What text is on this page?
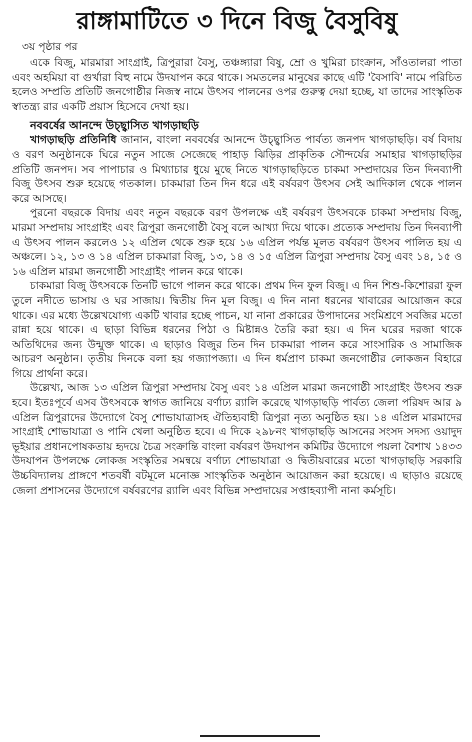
রাঙ্গামাটিতে ৩ দিনে বিজু বৈসুবিষু
৩য় পৃষ্ঠার পর

একে বিজু, মারমারা সাংগ্রাই, ত্রিপুরারা বৈসু, তঞ্চঙ্গ্যারা বিষু, ম্রো ও খুমিরা চাংক্রান, সাঁওতালরা পাতা এবং অহমিয়া বা গুর্খারা বিহু নামে উদযাপন করে থাকে। সমতলের মানুষের কাছে এটি 'বৈসাবি' নামে পরিচিত হলেও সম্প্রতি প্রতিটি জনগোষ্ঠীর নিজস্ব নামে উৎসব পালনের ওপর গুরুত্ব দেয়া হচ্ছে, যা তাদের সাংস্কৃতিক স্বাতন্ত্র্য রার একটি প্রয়াস হিসেবে দেখা হয়।

নববর্ষের আনন্দে উচ্ছ্বাসিত খাগড়াছড়ি

খাগড়াছড়ি প্রতিনিধি জানান, বাংলা নববর্ষের আনন্দে উচ্ছ্বাসিত পার্বত্য জনপদ খাগড়াছড়ি। বর্ষ বিদায় ও বরণ অনুষ্ঠানকে ঘিরে নতুন সাজে সেজেছে পাহাড় ঝিড়ির প্রাকৃতিক সৌন্দর্যের সমাহার খাগড়াছড়ির প্রতিটি জনপদ। সব পাপাচার ও মিথ্যাচার ধুয়ে মুছে নিতে খাগড়াছড়িতে চাকমা সম্প্রদায়ের তিন দিনব্যাপী বিজু উৎসব শুরু হয়েছে গতকাল। চাকমারা তিন দিন ধরে এই বর্ষবরণ উৎসব সেই আদিকাল থেকে পালন করে আসছে।

পুরনো বছরকে বিদায় এবং নতুন বছরকে বরণ উপলক্ষে এই বর্ষবরণ উৎসবকে চাকমা সম্প্রদায় বিজু, মারমা সম্প্রদায় সাংগ্রাইং এবং ত্রিপুরা জনগোষ্ঠী বৈসু বলে আখ্যা দিয়ে থাকে। প্রত্যেক সম্প্রদায় তিন দিনব্যাপী এ উৎসব পালন করলেও ১২ এপ্রিল থেকে শুরু হয়ে ১৬ এপ্রিল পর্যন্ত মূলত বর্ষবরণ উৎসব পালিত হয় এ অঞ্চলে। ১২, ১৩ ও ১৪ এপ্রিল চাকমারা বিজু, ১৩, ১৪ ও ১৫ এপ্রিল ত্রিপুরা সম্প্রদায় বৈসু এবং ১৪, ১৫ ও ১৬ এপ্রিল মারমা জনগোষ্ঠী সাংগ্রাইং পালন করে থাকে।

চাকমারা বিজু উৎসবকে তিনটি ভাগে পালন করে থাকে। প্রথম দিন ফুল বিজু। এ দিন শিশু-কিশোররা ফুল তুলে নদীতে ভাসায় ও ঘর সাজায়। দ্বিতীয় দিন মূল বিজু। এ দিন নানা ধরনের খাবারের আয়োজন করে থাকে। এর মধ্যে উল্লেখযোগ্য একটি খাবার হচ্ছে পাচন, যা নানা প্রকারের উপাদানের সংমিশ্রণে সবজির মতো রান্না হয়ে থাকে। এ ছাড়া বিভিন্ন ধরনের পিঠা ও মিষ্টান্নও তৈরি করা হয়। এ দিন ঘরের দরজা থাকে অতিথিদের জন্য উন্মুক্ত থাকে। এ ছাড়াও বিজুর তিন দিন চাকমারা পালন করে সাংসারিক ও সামাজিক আচরণ অনুষ্ঠান। তৃতীয় দিনকে বলা হয় গজ্যাপজ্যা। এ দিন ধর্মপ্রাণ চাকমা জনগোষ্ঠীর লোকজন বিহারে গিয়ে প্রার্থনা করে।

উল্লেখ্য, আজ ১৩ এপ্রিল ত্রিপুরা সম্প্রদায় বৈসু এবং ১৪ এপ্রিল মারমা জনগোষ্ঠী সাংগ্রাইং উৎসব শুরু হবে। ইতঃপূর্বে এসব উৎসবকে স্বাগত জানিয়ে বর্ণাঢ্য র‍্যালি করেছে খাগড়াছড়ি পার্বত্য জেলা পরিষদ আর ৯ এপ্রিল ত্রিপুরাদের উদ্যোগে বৈসু শোভাযাত্রাসহ ঐতিহ্যবাহী ত্রিপুরা নৃত্য অনুষ্ঠিত হয়। ১৪ এপ্রিল মারমাদের সাংগ্রাই শোভাযাত্রা ও পানি খেলা অনুষ্ঠিত হবে। এ দিকে ২৯৮নং খাগড়াছড়ি আসনের সংসদ সদস্য ওয়াদুদ ভূইয়ার প্রধানপোষকতায় হৃদয়ে চৈত্র সংক্রান্তি বাংলা বর্ষবরণ উদযাপন কমিটির উদ্যোগে পয়লা বৈশাখ ১৪৩৩ উদযাপন উপলক্ষে লোকজ সংস্কৃতির সমন্বয়ে বর্ণাঢ্য শোভাযাত্রা ও দ্বিতীয়বারের মতো খাগড়াছড়ি সরকারি উচ্চবিদ্যালয় প্রাঙ্গণে শতবর্ষী বটমূলে মনোজ্ঞ সাংস্কৃতিক অনুষ্ঠান আয়োজন করা হয়েছে। এ ছাড়াও রয়েছে জেলা প্রশাসনের উদ্যোগে বর্ষবরণের র‍্যালি এবং বিভিন্ন সম্প্রদায়ের সপ্তাহব্যাপী নানা কর্মসূচি।
